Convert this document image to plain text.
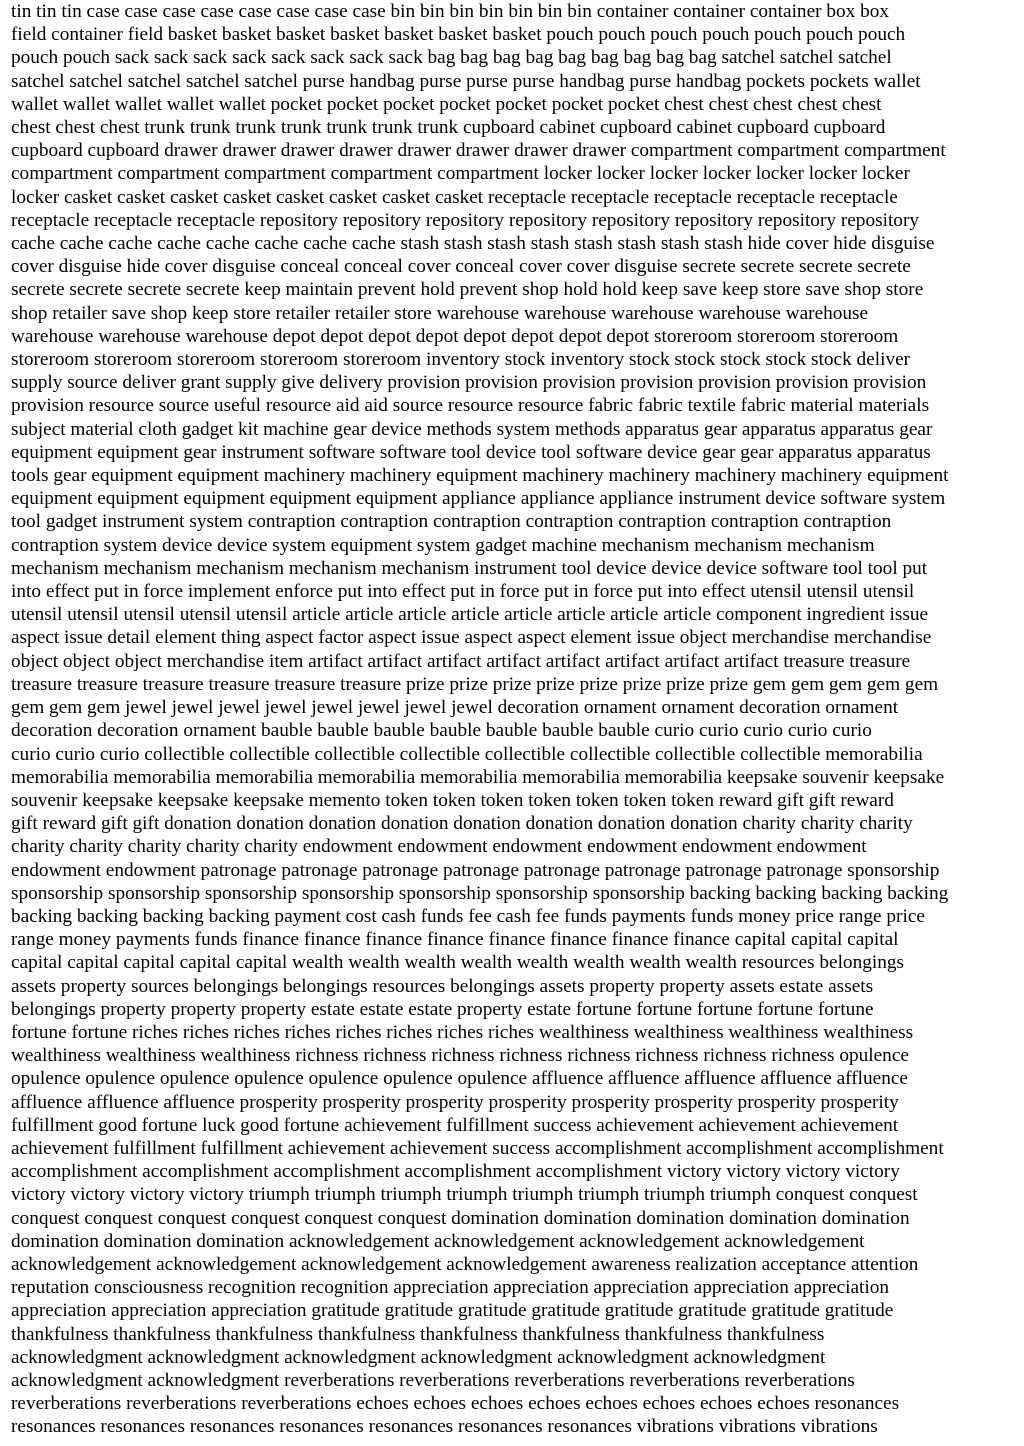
tin tin tin case case case case case case case case bin bin bin bin bin bin bin container container container box box
field container field basket basket basket basket basket basket basket pouch pouch pouch pouch pouch pouch pouch
pouch pouch sack sack sack sack sack sack sack sack bag bag bag bag bag bag bag bag bag satchel satchel satchel
satchel satchel satchel satchel satchel purse handbag purse purse purse handbag purse handbag pockets pockets wallet
wallet wallet wallet wallet wallet pocket pocket pocket pocket pocket pocket pocket chest chest chest chest chest
chest chest chest trunk trunk trunk trunk trunk trunk trunk cupboard cabinet cupboard cabinet cupboard cupboard
cupboard cupboard drawer drawer drawer drawer drawer drawer drawer drawer compartment compartment compartment
compartment compartment compartment compartment compartment locker locker locker locker locker locker locker
locker casket casket casket casket casket casket casket casket receptacle receptacle receptacle receptacle receptacle
receptacle receptacle receptacle repository repository repository repository repository repository repository repository
cache cache cache cache cache cache cache cache stash stash stash stash stash stash stash stash hide cover hide disguise
cover disguise hide cover disguise conceal conceal cover conceal cover cover disguise secrete secrete secrete secrete
secrete secrete secrete secrete keep maintain prevent hold prevent shop hold hold keep save keep store save shop store
shop retailer save shop keep store retailer retailer store warehouse warehouse warehouse warehouse warehouse
warehouse warehouse warehouse depot depot depot depot depot depot depot depot storeroom storeroom storeroom
storeroom storeroom storeroom storeroom storeroom inventory stock inventory stock stock stock stock stock deliver
supply source deliver grant supply give delivery provision provision provision provision provision provision provision
provision resource source useful resource aid aid source resource resource fabric fabric textile fabric material materials
subject material cloth gadget kit machine gear device methods system methods apparatus gear apparatus apparatus gear
equipment equipment gear instrument software software tool device tool software device gear gear apparatus apparatus
tools gear equipment equipment machinery machinery equipment machinery machinery machinery machinery equipment
equipment equipment equipment equipment equipment appliance appliance appliance instrument device software system
tool gadget instrument system contraption contraption contraption contraption contraption contraption contraption
contraption system device device system equipment system gadget machine mechanism mechanism mechanism
mechanism mechanism mechanism mechanism mechanism instrument tool device device device software tool tool put
into effect put in force implement enforce put into effect put in force put in force put into effect utensil utensil utensil
utensil utensil utensil utensil utensil article article article article article article article article component ingredient issue
aspect issue detail element thing aspect factor aspect issue aspect aspect element issue object merchandise merchandise
object object object merchandise item artifact artifact artifact artifact artifact artifact artifact artifact treasure treasure
treasure treasure treasure treasure treasure treasure prize prize prize prize prize prize prize prize gem gem gem gem gem
gem gem gem jewel jewel jewel jewel jewel jewel jewel jewel decoration ornament ornament decoration ornament
decoration decoration ornament bauble bauble bauble bauble bauble bauble bauble curio curio curio curio curio
curio curio curio collectible collectible collectible collectible collectible collectible collectible collectible memorabilia
memorabilia memorabilia memorabilia memorabilia memorabilia memorabilia memorabilia keepsake souvenir keepsake
souvenir keepsake keepsake keepsake memento token token token token token token token reward gift gift reward
gift reward gift gift donation donation donation donation donation donation donation donation charity charity charity
charity charity charity charity charity endowment endowment endowment endowment endowment endowment
endowment endowment patronage patronage patronage patronage patronage patronage patronage patronage sponsorship
sponsorship sponsorship sponsorship sponsorship sponsorship sponsorship sponsorship backing backing backing backing
backing backing backing backing payment cost cash funds fee cash fee funds payments funds money price range price
range money payments funds finance finance finance finance finance finance finance finance capital capital capital
capital capital capital capital capital wealth wealth wealth wealth wealth wealth wealth wealth resources belongings
assets property sources belongings belongings resources belongings assets property property assets estate assets
belongings property property property estate estate estate property estate fortune fortune fortune fortune fortune
fortune fortune riches riches riches riches riches riches riches riches wealthiness wealthiness wealthiness wealthiness
wealthiness wealthiness wealthiness richness richness richness richness richness richness richness richness opulence
opulence opulence opulence opulence opulence opulence opulence affluence affluence affluence affluence affluence
affluence affluence affluence prosperity prosperity prosperity prosperity prosperity prosperity prosperity prosperity
fulfillment good fortune luck good fortune achievement fulfillment success achievement achievement achievement
achievement fulfillment fulfillment achievement achievement success accomplishment accomplishment accomplishment
accomplishment accomplishment accomplishment accomplishment accomplishment victory victory victory victory
victory victory victory victory triumph triumph triumph triumph triumph triumph triumph triumph conquest conquest
conquest conquest conquest conquest conquest conquest domination domination domination domination domination
domination domination domination acknowledgement acknowledgement acknowledgement acknowledgement
acknowledgement acknowledgement acknowledgement acknowledgement awareness realization acceptance attention
reputation consciousness recognition recognition appreciation appreciation appreciation appreciation appreciation
appreciation appreciation appreciation gratitude gratitude gratitude gratitude gratitude gratitude gratitude gratitude
thankfulness thankfulness thankfulness thankfulness thankfulness thankfulness thankfulness thankfulness
acknowledgment acknowledgment acknowledgment acknowledgment acknowledgment acknowledgment
acknowledgment acknowledgment reverberations reverberations reverberations reverberations reverberations
reverberations reverberations reverberations echoes echoes echoes echoes echoes echoes echoes echoes resonances
resonances resonances resonances resonances resonances resonances resonances vibrations vibrations vibrations
